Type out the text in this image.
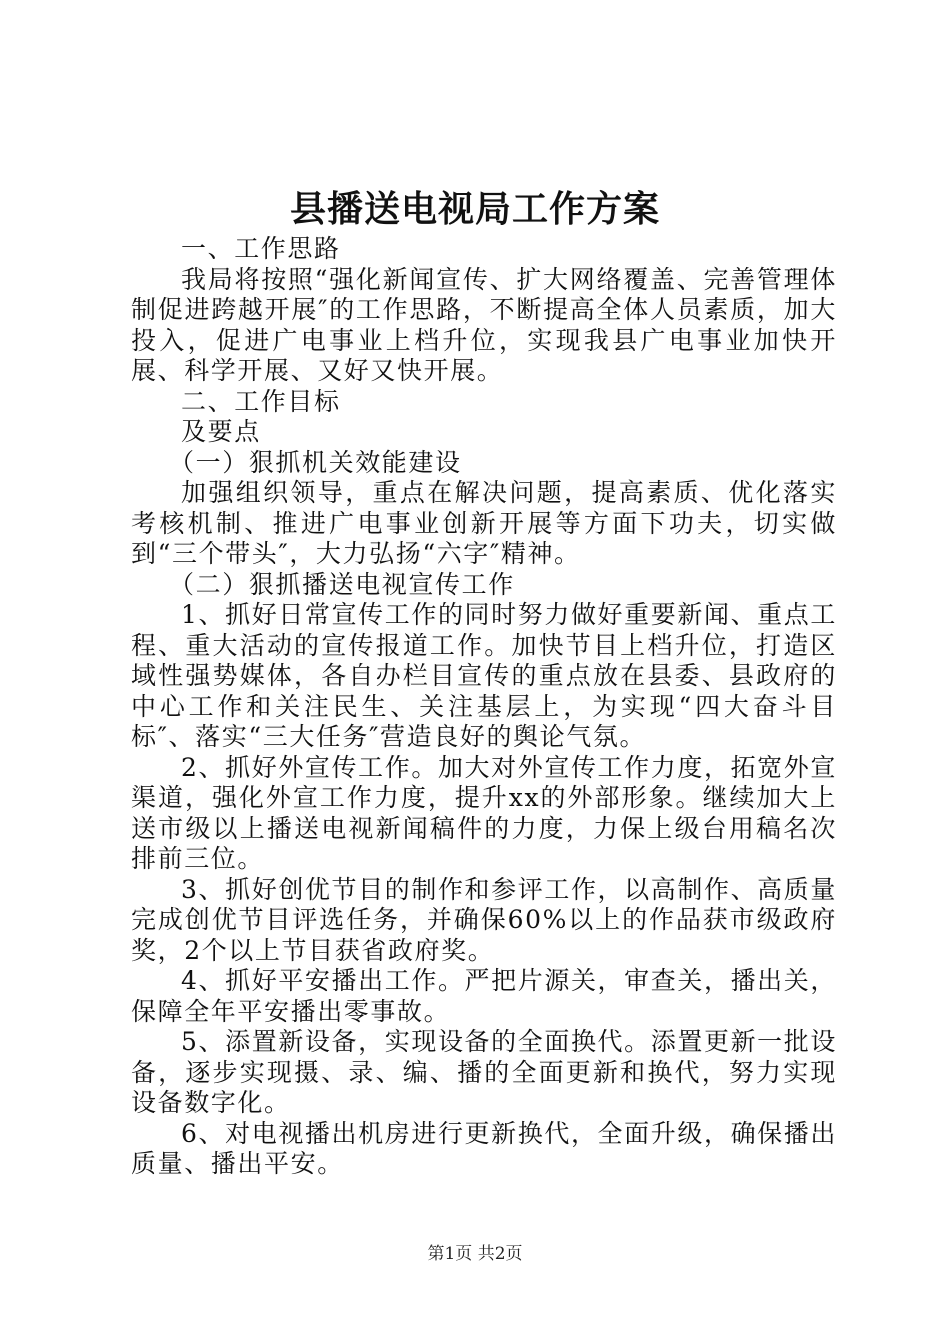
县播送电视局工作方案

一、工作思路

我局将按照“强化新闻宣传、扩大网络覆盖、完善管理体制促进跨越开展″的工作思路，不断提高全体人员素质，加大投入，促进广电事业上档升位，实现我县广电事业加快开展、科学开展、又好又快开展。

二、工作目标

及要点

（一）狠抓机关效能建设

加强组织领导，重点在解决问题，提高素质、优化落实考核机制、推进广电事业创新开展等方面下功夫，切实做到“三个带头″，大力弘扬“六字″精神。

（二）狠抓播送电视宣传工作

1、抓好日常宣传工作的同时努力做好重要新闻、重点工程、重大活动的宣传报道工作。加快节目上档升位，打造区域性强势媒体，各自办栏目宣传的重点放在县委、县政府的中心工作和关注民生、关注基层上，为实现“四大奋斗目标″、落实“三大任务″营造良好的舆论气氛。

2、抓好外宣传工作。加大对外宣传工作力度，拓宽外宣渠道，强化外宣工作力度，提升xx的外部形象。继续加大上送市级以上播送电视新闻稿件的力度，力保上级台用稿名次排前三位。

3、抓好创优节目的制作和参评工作，以高制作、高质量完成创优节目评选任务，并确保60%以上的作品获市级政府奖，2个以上节目获省政府奖。

4、抓好平安播出工作。严把片源关，审查关，播出关，保障全年平安播出零事故。

5、添置新设备，实现设备的全面换代。添置更新一批设备，逐步实现摄、录、编、播的全面更新和换代，努力实现设备数字化。

6、对电视播出机房进行更新换代，全面升级，确保播出质量、播出平安。

第1页 共2页
